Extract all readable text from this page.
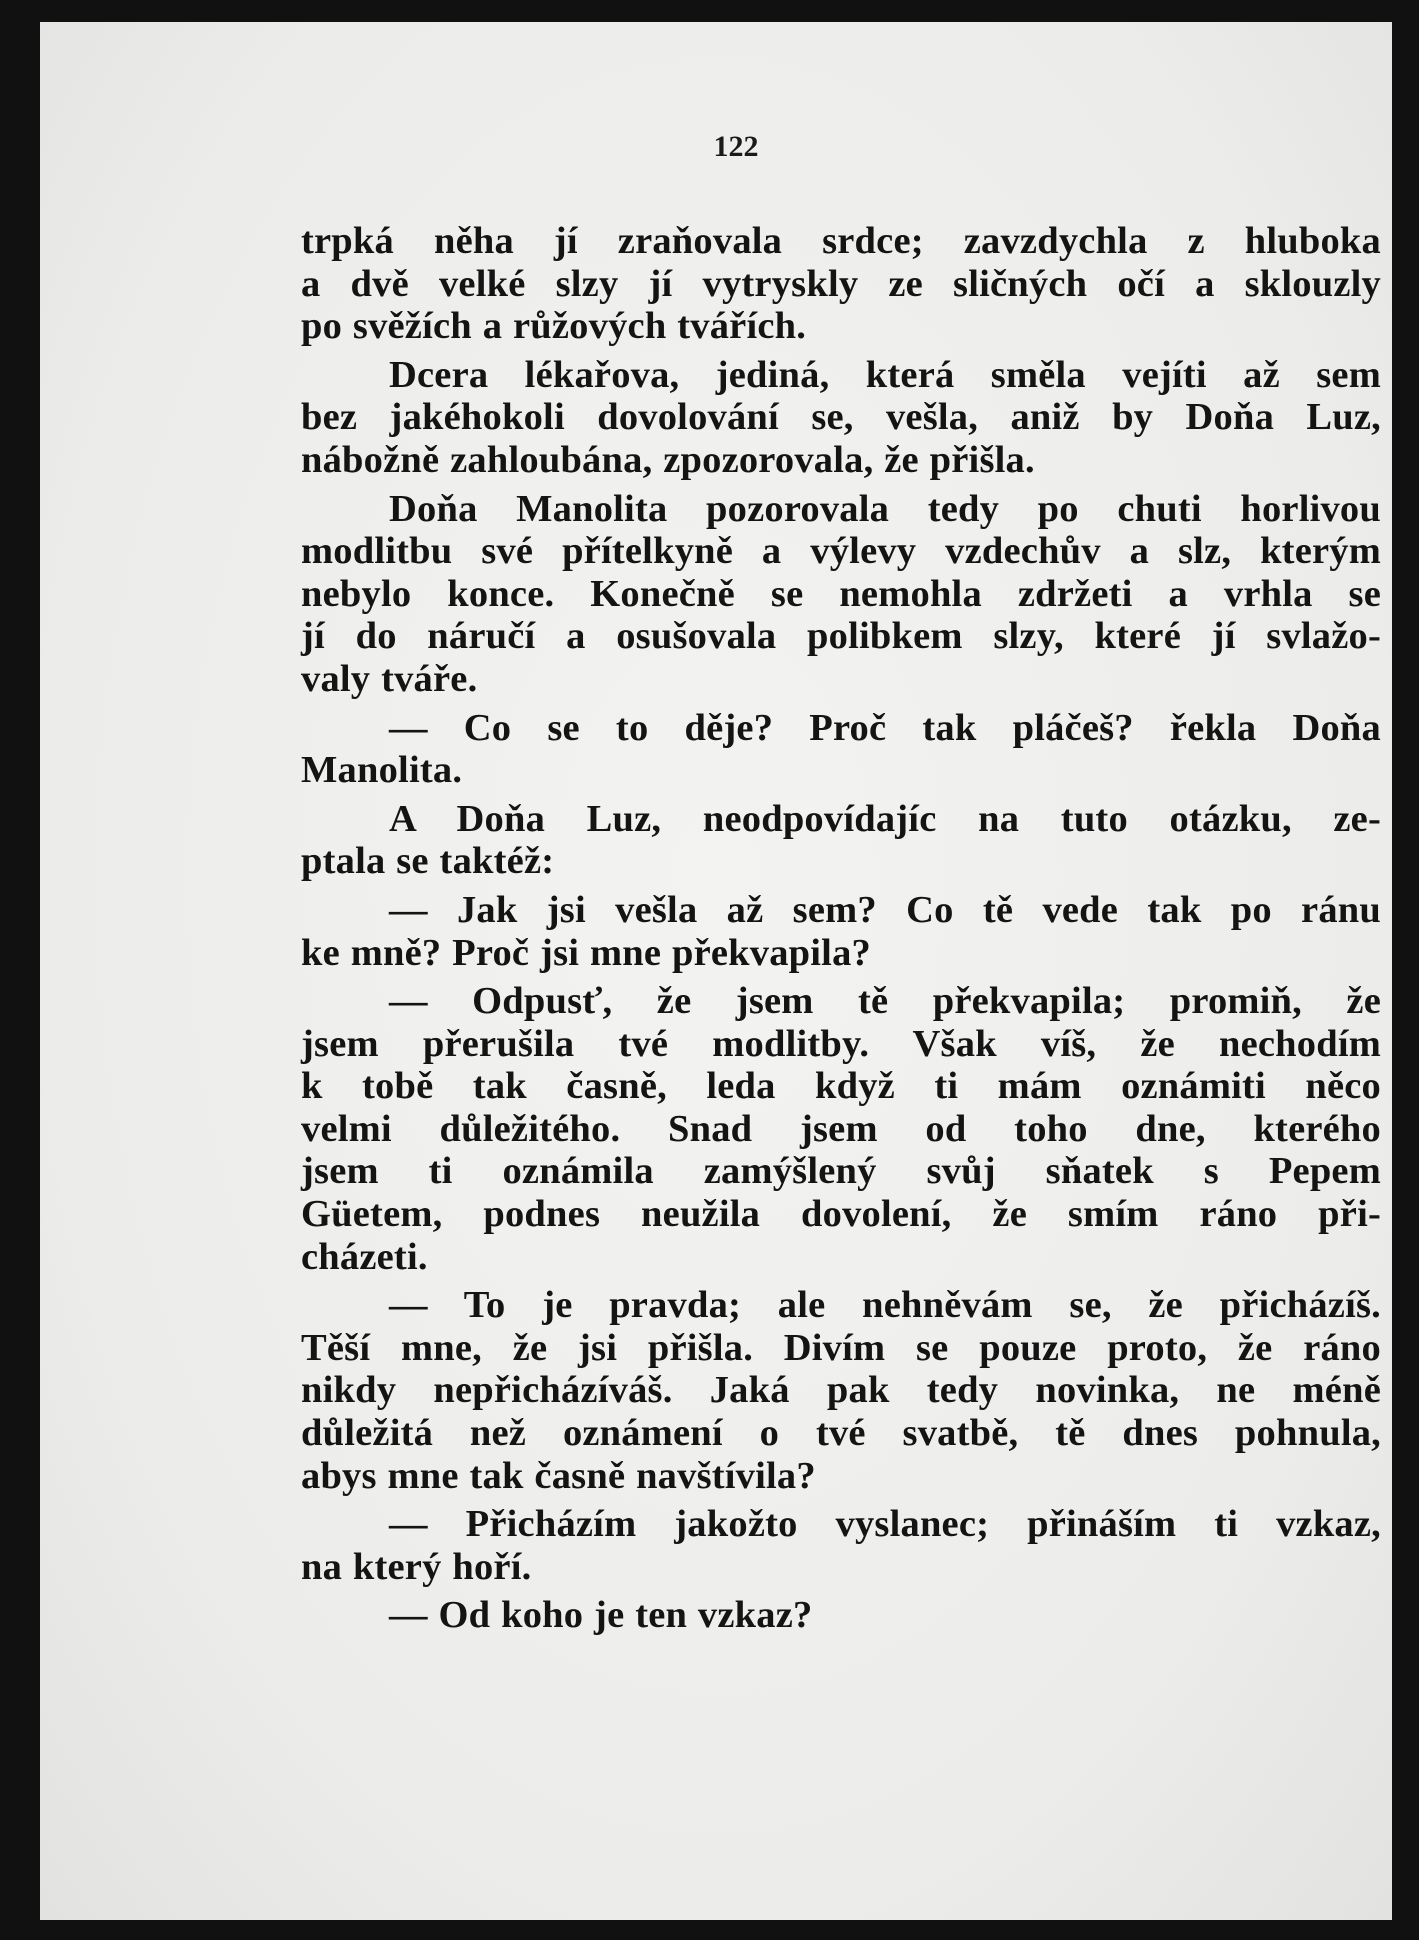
122
trpká něha jí zraňovala srdce; zavzdychla z hluboka
a dvě velké slzy jí vytryskly ze sličných očí a sklouzly
po svěžích a růžových tvářích.
Dcera lékařova, jediná, která směla vejíti až sem
bez jakéhokoli dovolování se, vešla, aniž by Doňa Luz,
nábožně zahloubána, zpozorovala, že přišla.
Doňa Manolita pozorovala tedy po chuti horlivou
modlitbu své přítelkyně a výlevy vzdechův a slz, kterým
nebylo konce. Konečně se nemohla zdržeti a vrhla se
jí do náručí a osušovala polibkem slzy, které jí svlažo-
valy tváře.
— Co se to děje? Proč tak pláčeš? řekla Doňa
Manolita.
A Doňa Luz, neodpovídajíc na tuto otázku, ze-
ptala se taktéž:
— Jak jsi vešla až sem? Co tě vede tak po ránu
ke mně? Proč jsi mne překvapila?
— Odpusť, že jsem tě překvapila; promiň, že
jsem přerušila tvé modlitby. Však víš, že nechodím
k tobě tak časně, leda když ti mám oznámiti něco
velmi důležitého. Snad jsem od toho dne, kterého
jsem ti oznámila zamýšlený svůj sňatek s Pepem
Güetem, podnes neužila dovolení, že smím ráno při-
cházeti.
— To je pravda; ale nehněvám se, že přicházíš.
Těší mne, že jsi přišla. Divím se pouze proto, že ráno
nikdy nepřicházíváš. Jaká pak tedy novinka, ne méně
důležitá než oznámení o tvé svatbě, tě dnes pohnula,
abys mne tak časně navštívila?
— Přicházím jakožto vyslanec; přináším ti vzkaz,
na který hoří.
— Od koho je ten vzkaz?
